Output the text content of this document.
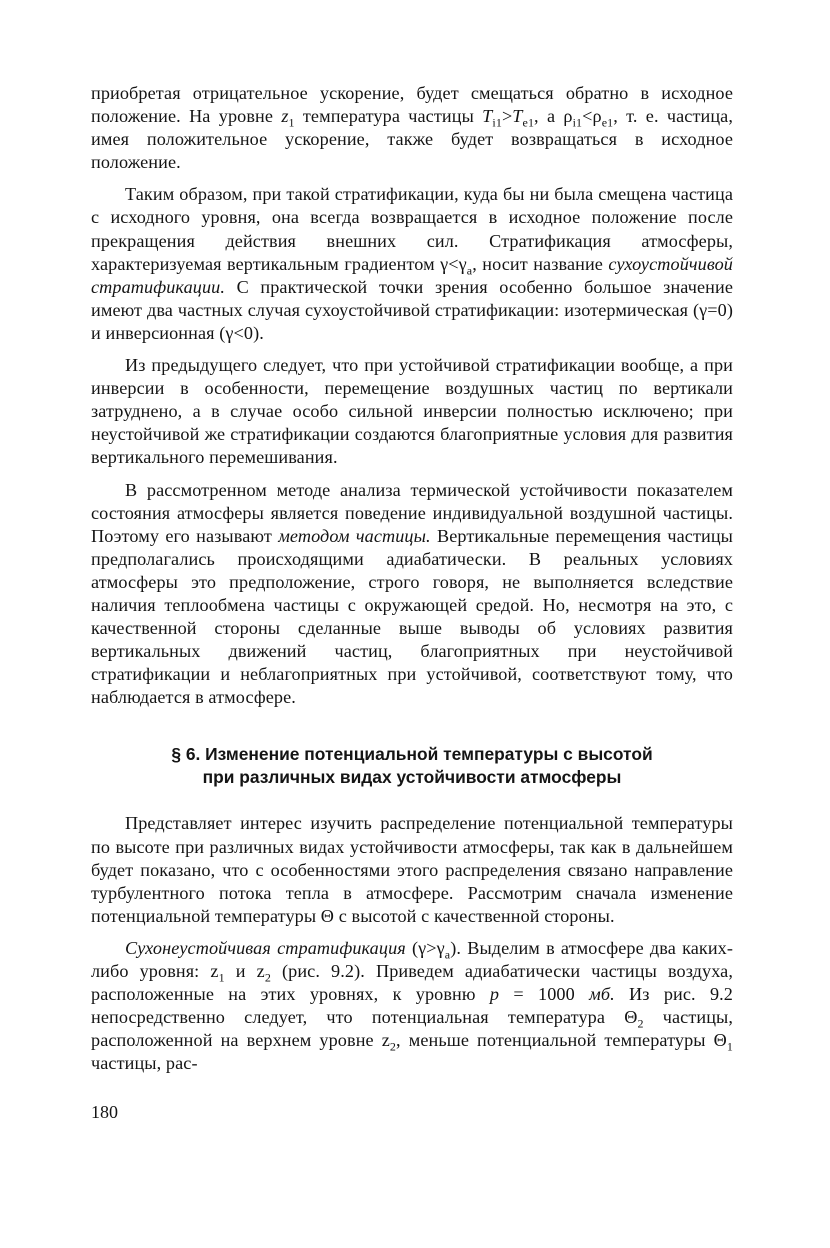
приобретая отрицательное ускорение, будет смещаться обратно в исходное положение. На уровне $z_1$ температура частицы $T_{i1}>T_{e1}$, а $\rho_{i1}<\rho_{e1}$, т. е. частица, имея положительное ускорение, также будет возвращаться в исходное положение.

Таким образом, при такой стратификации, куда бы ни была смещена частица с исходного уровня, она всегда возвращается в исходное положение после прекращения действия внешних сил. Стратификация атмосферы, характеризуемая вертикальным градиентом $\gamma<\gamma_a$, носит название сухоустойчивой стратификации. С практической точки зрения особенно большое значение имеют два частных случая сухоустойчивой стратификации: изотермическая (γ=0) и инверсионная (γ<0).

Из предыдущего следует, что при устойчивой стратификации вообще, а при инверсии в особенности, перемещение воздушных частиц по вертикали затруднено, а в случае особо сильной инверсии полностью исключено; при неустойчивой же стратификации создаются благоприятные условия для развития вертикального перемешивания.

В рассмотренном методе анализа термической устойчивости показателем состояния атмосферы является поведение индивидуальной воздушной частицы. Поэтому его называют методом частицы. Вертикальные перемещения частицы предполагались происходящими адиабатически. В реальных условиях атмосферы это предположение, строго говоря, не выполняется вследствие наличия теплообмена частицы с окружающей средой. Но, несмотря на это, с качественной стороны сделанные выше выводы об условиях развития вертикальных движений частиц, благоприятных при неустойчивой стратификации и неблагоприятных при устойчивой, соответствуют тому, что наблюдается в атмосфере.

§ 6. Изменение потенциальной температуры с высотой
при различных видах устойчивости атмосферы

Представляет интерес изучить распределение потенциальной температуры по высоте при различных видах устойчивости атмосферы, так как в дальнейшем будет показано, что с особенностями этого распределения связано направление турбулентного потока тепла в атмосфере. Рассмотрим сначала изменение потенциальной температуры Θ с высотой с качественной стороны.

Сухонеустойчивая стратификация $(\gamma>\gamma_a)$. Выделим в атмосфере два каких-либо уровня: $z_1$ и $z_2$ (рис. 9.2). Приведем адиабатически частицы воздуха, расположенные на этих уровнях, к уровню p = 1000 мб. Из рис. 9.2 непосредственно следует, что потенциальная температура $\Theta_2$ частицы, расположенной на верхнем уровне $z_2$, меньше потенциальной температуры $\Theta_1$ частицы, рас-

180
